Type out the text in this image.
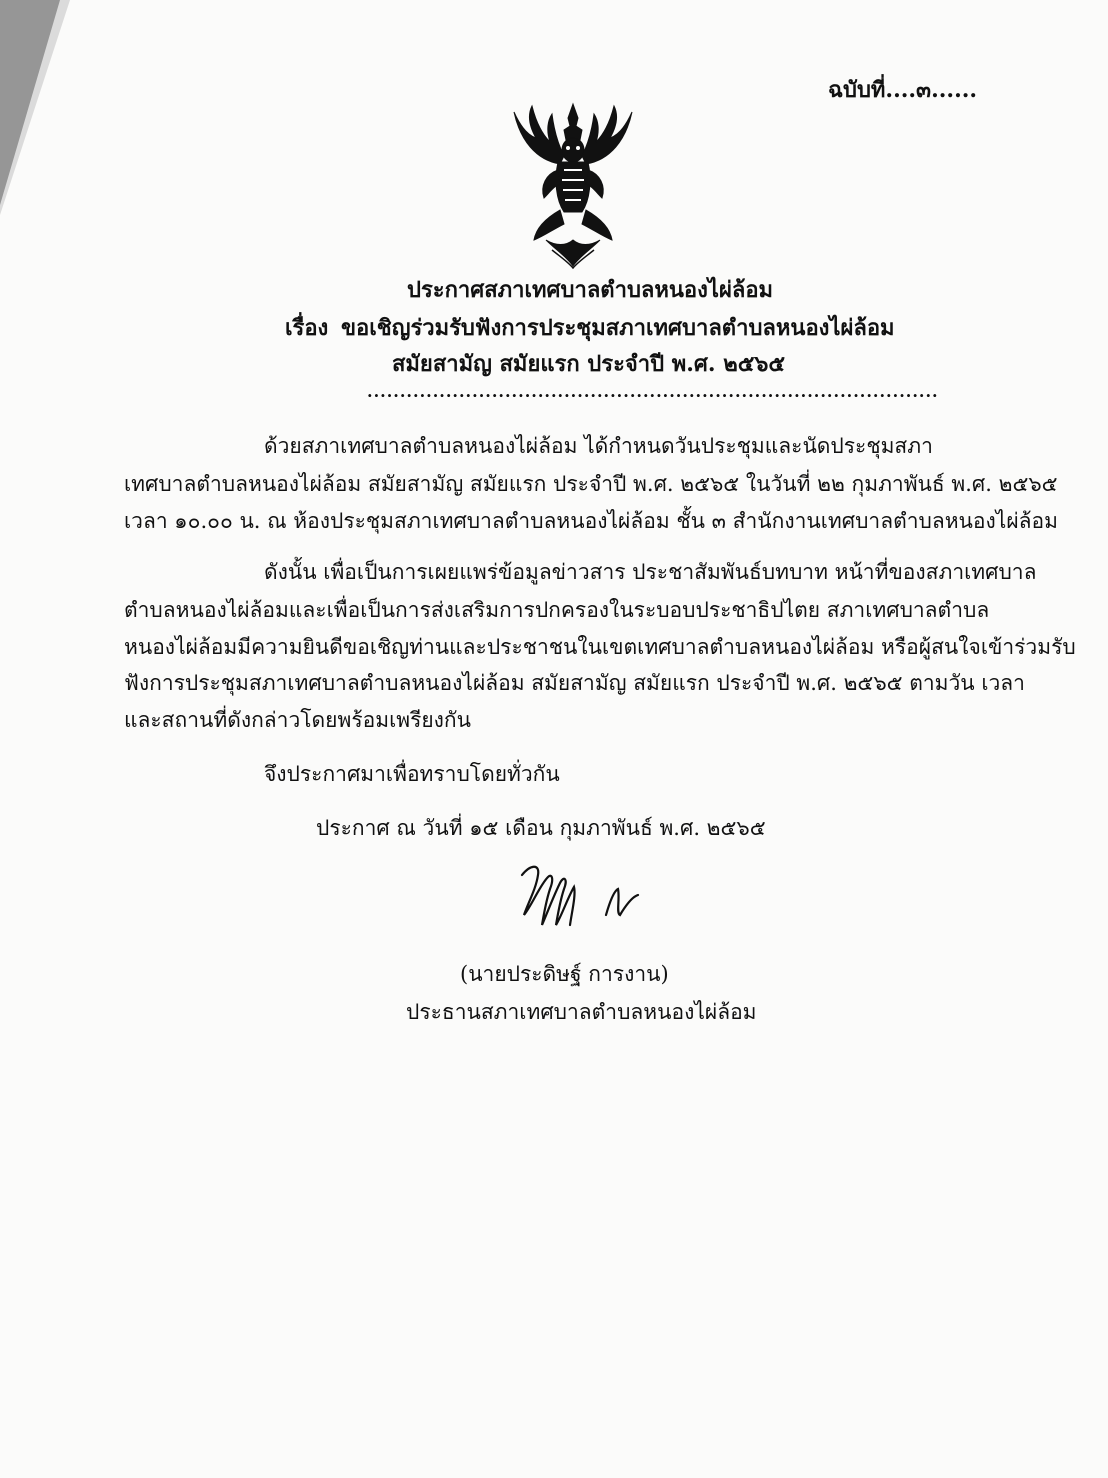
ฉบับที่....๓......
ประกาศสภาเทศบาลตำบลหนองไผ่ล้อม
เรื่อง ขอเชิญร่วมรับฟังการประชุมสภาเทศบาลตำบลหนองไผ่ล้อม
สมัยสามัญ สมัยแรก ประจำปี พ.ศ. ๒๕๖๕
.......................................................................................
ด้วยสภาเทศบาลตำบลหนองไผ่ล้อม ได้กำหนดวันประชุมและนัดประชุมสภา
เทศบาลตำบลหนองไผ่ล้อม สมัยสามัญ สมัยแรก ประจำปี พ.ศ. ๒๕๖๕ ในวันที่ ๒๒ กุมภาพันธ์ พ.ศ. ๒๕๖๕
เวลา ๑๐.๐๐ น. ณ ห้องประชุมสภาเทศบาลตำบลหนองไผ่ล้อม ชั้น ๓ สำนักงานเทศบาลตำบลหนองไผ่ล้อม
ดังนั้น เพื่อเป็นการเผยแพร่ข้อมูลข่าวสาร ประชาสัมพันธ์บทบาท หน้าที่ของสภาเทศบาล
ตำบลหนองไผ่ล้อมและเพื่อเป็นการส่งเสริมการปกครองในระบอบประชาธิปไตย สภาเทศบาลตำบล
หนองไผ่ล้อมมีความยินดีขอเชิญท่านและประชาชนในเขตเทศบาลตำบลหนองไผ่ล้อม หรือผู้สนใจเข้าร่วมรับ
ฟังการประชุมสภาเทศบาลตำบลหนองไผ่ล้อม สมัยสามัญ สมัยแรก ประจำปี พ.ศ. ๒๕๖๕ ตามวัน เวลา
และสถานที่ดังกล่าวโดยพร้อมเพรียงกัน
จึงประกาศมาเพื่อทราบโดยทั่วกัน
ประกาศ ณ วันที่ ๑๕ เดือน กุมภาพันธ์ พ.ศ. ๒๕๖๕
(นายประดิษฐ์ การงาน)
ประธานสภาเทศบาลตำบลหนองไผ่ล้อม
